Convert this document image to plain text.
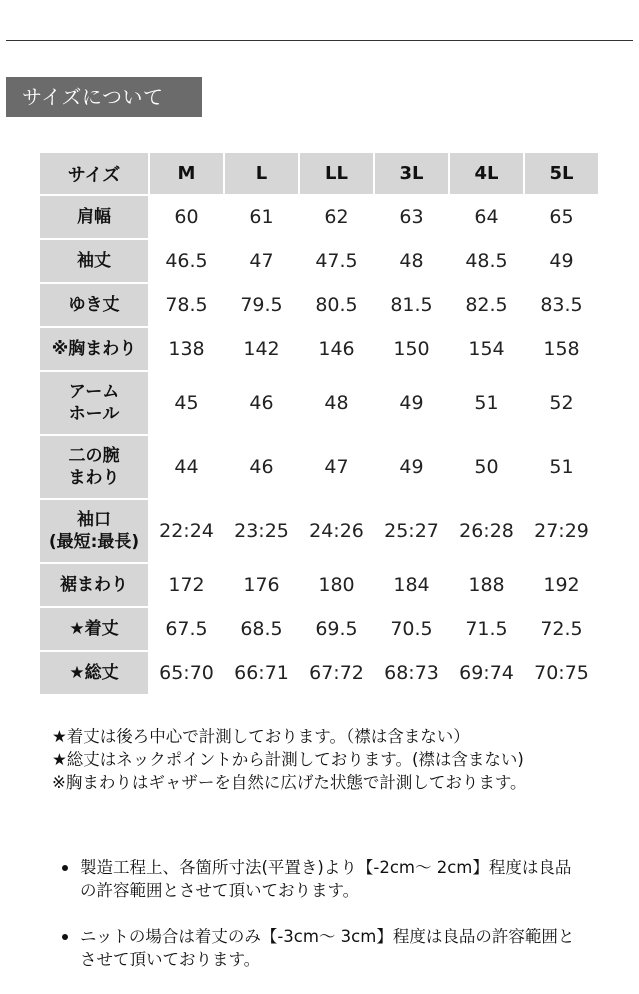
サイズについて
サイズ	M	L	LL	3L	4L	5L

肩幅	60	61	62	63	64	65

袖丈	46.5	47	47.5	48	48.5	49

ゆき丈	78.5	79.5	80.5	81.5	82.5	83.5

※胸まわり	138	142	146	150	154	158

アーム
ホール	45	46	48	49	51	52

二の腕
まわり	44	46	47	49	50	51

袖口
(最短:最長)	22:24	23:25	24:26	25:27	26:28	27:29

裾まわり	172	176	180	184	188	192

★着丈	67.5	68.5	69.5	70.5	71.5	72.5

★総丈	65:70	66:71	67:72	68:73	69:74	70:75

★着丈は後ろ中心で計測しております。（襟は含まない）

★総丈はネックポイントから計測しております。(襟は含まない)

※胸まわりはギャザーを自然に広げた状態で計測しております。

製造工程上、各箇所寸法(平置き)より【-2cm〜 2cm】程度は良品の許容範囲とさせて頂いております。
ニットの場合は着丈のみ【-3cm〜 3cm】程度は良品の許容範囲とさせて頂いております。
